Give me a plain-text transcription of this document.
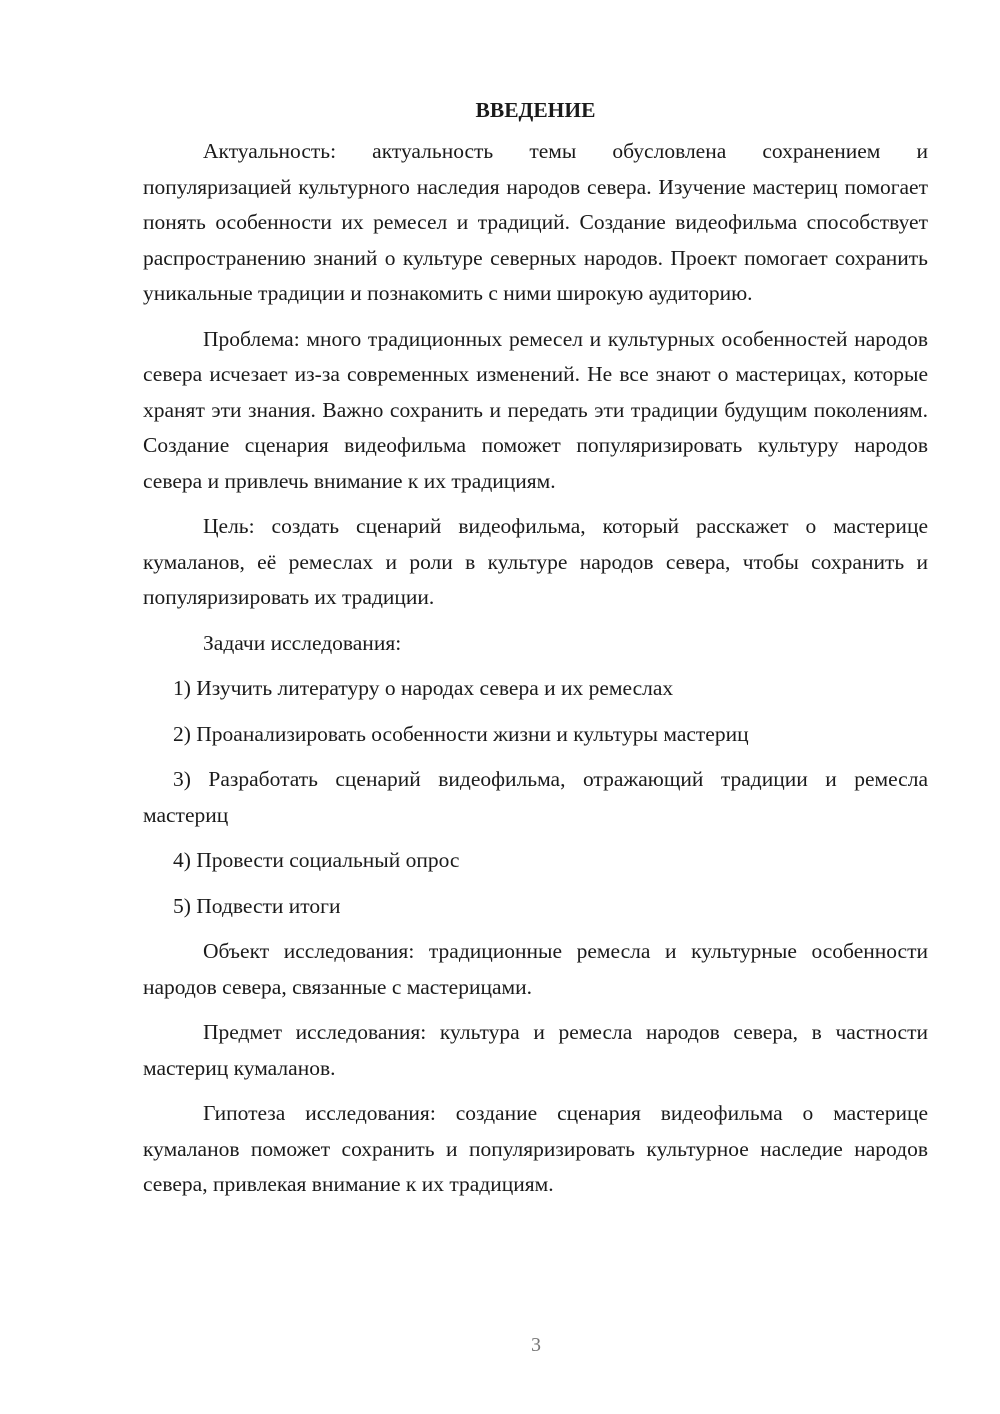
ВВЕДЕНИЕ

Актуальность: актуальность темы обусловлена сохранением и популяризацией культурного наследия народов севера. Изучение мастериц помогает понять особенности их ремесел и традиций. Создание видеофильма способствует распространению знаний о культуре северных народов. Проект помогает сохранить уникальные традиции и познакомить с ними широкую аудиторию.

Проблема: много традиционных ремесел и культурных особенностей народов севера исчезает из-за современных изменений. Не все знают о мастерицах, которые хранят эти знания. Важно сохранить и передать эти традиции будущим поколениям. Создание сценария видеофильма поможет популяризировать культуру народов севера и привлечь внимание к их традициям.

Цель: создать сценарий видеофильма, который расскажет о мастерице кумаланов, её ремеслах и роли в культуре народов севера, чтобы сохранить и популяризировать их традиции.

Задачи исследования:

1) Изучить литературу о народах севера и их ремеслах

2) Проанализировать особенности жизни и культуры мастериц

3) Разработать сценарий видеофильма, отражающий традиции и ремесла мастериц

4) Провести социальный опрос

5) Подвести итоги

Объект исследования: традиционные ремесла и культурные особенности народов севера, связанные с мастерицами.

Предмет исследования: культура и ремесла народов севера, в частности мастериц кумаланов.

Гипотеза исследования: создание сценария видеофильма о мастерице кумаланов поможет сохранить и популяризировать культурное наследие народов севера, привлекая внимание к их традициям.

3
